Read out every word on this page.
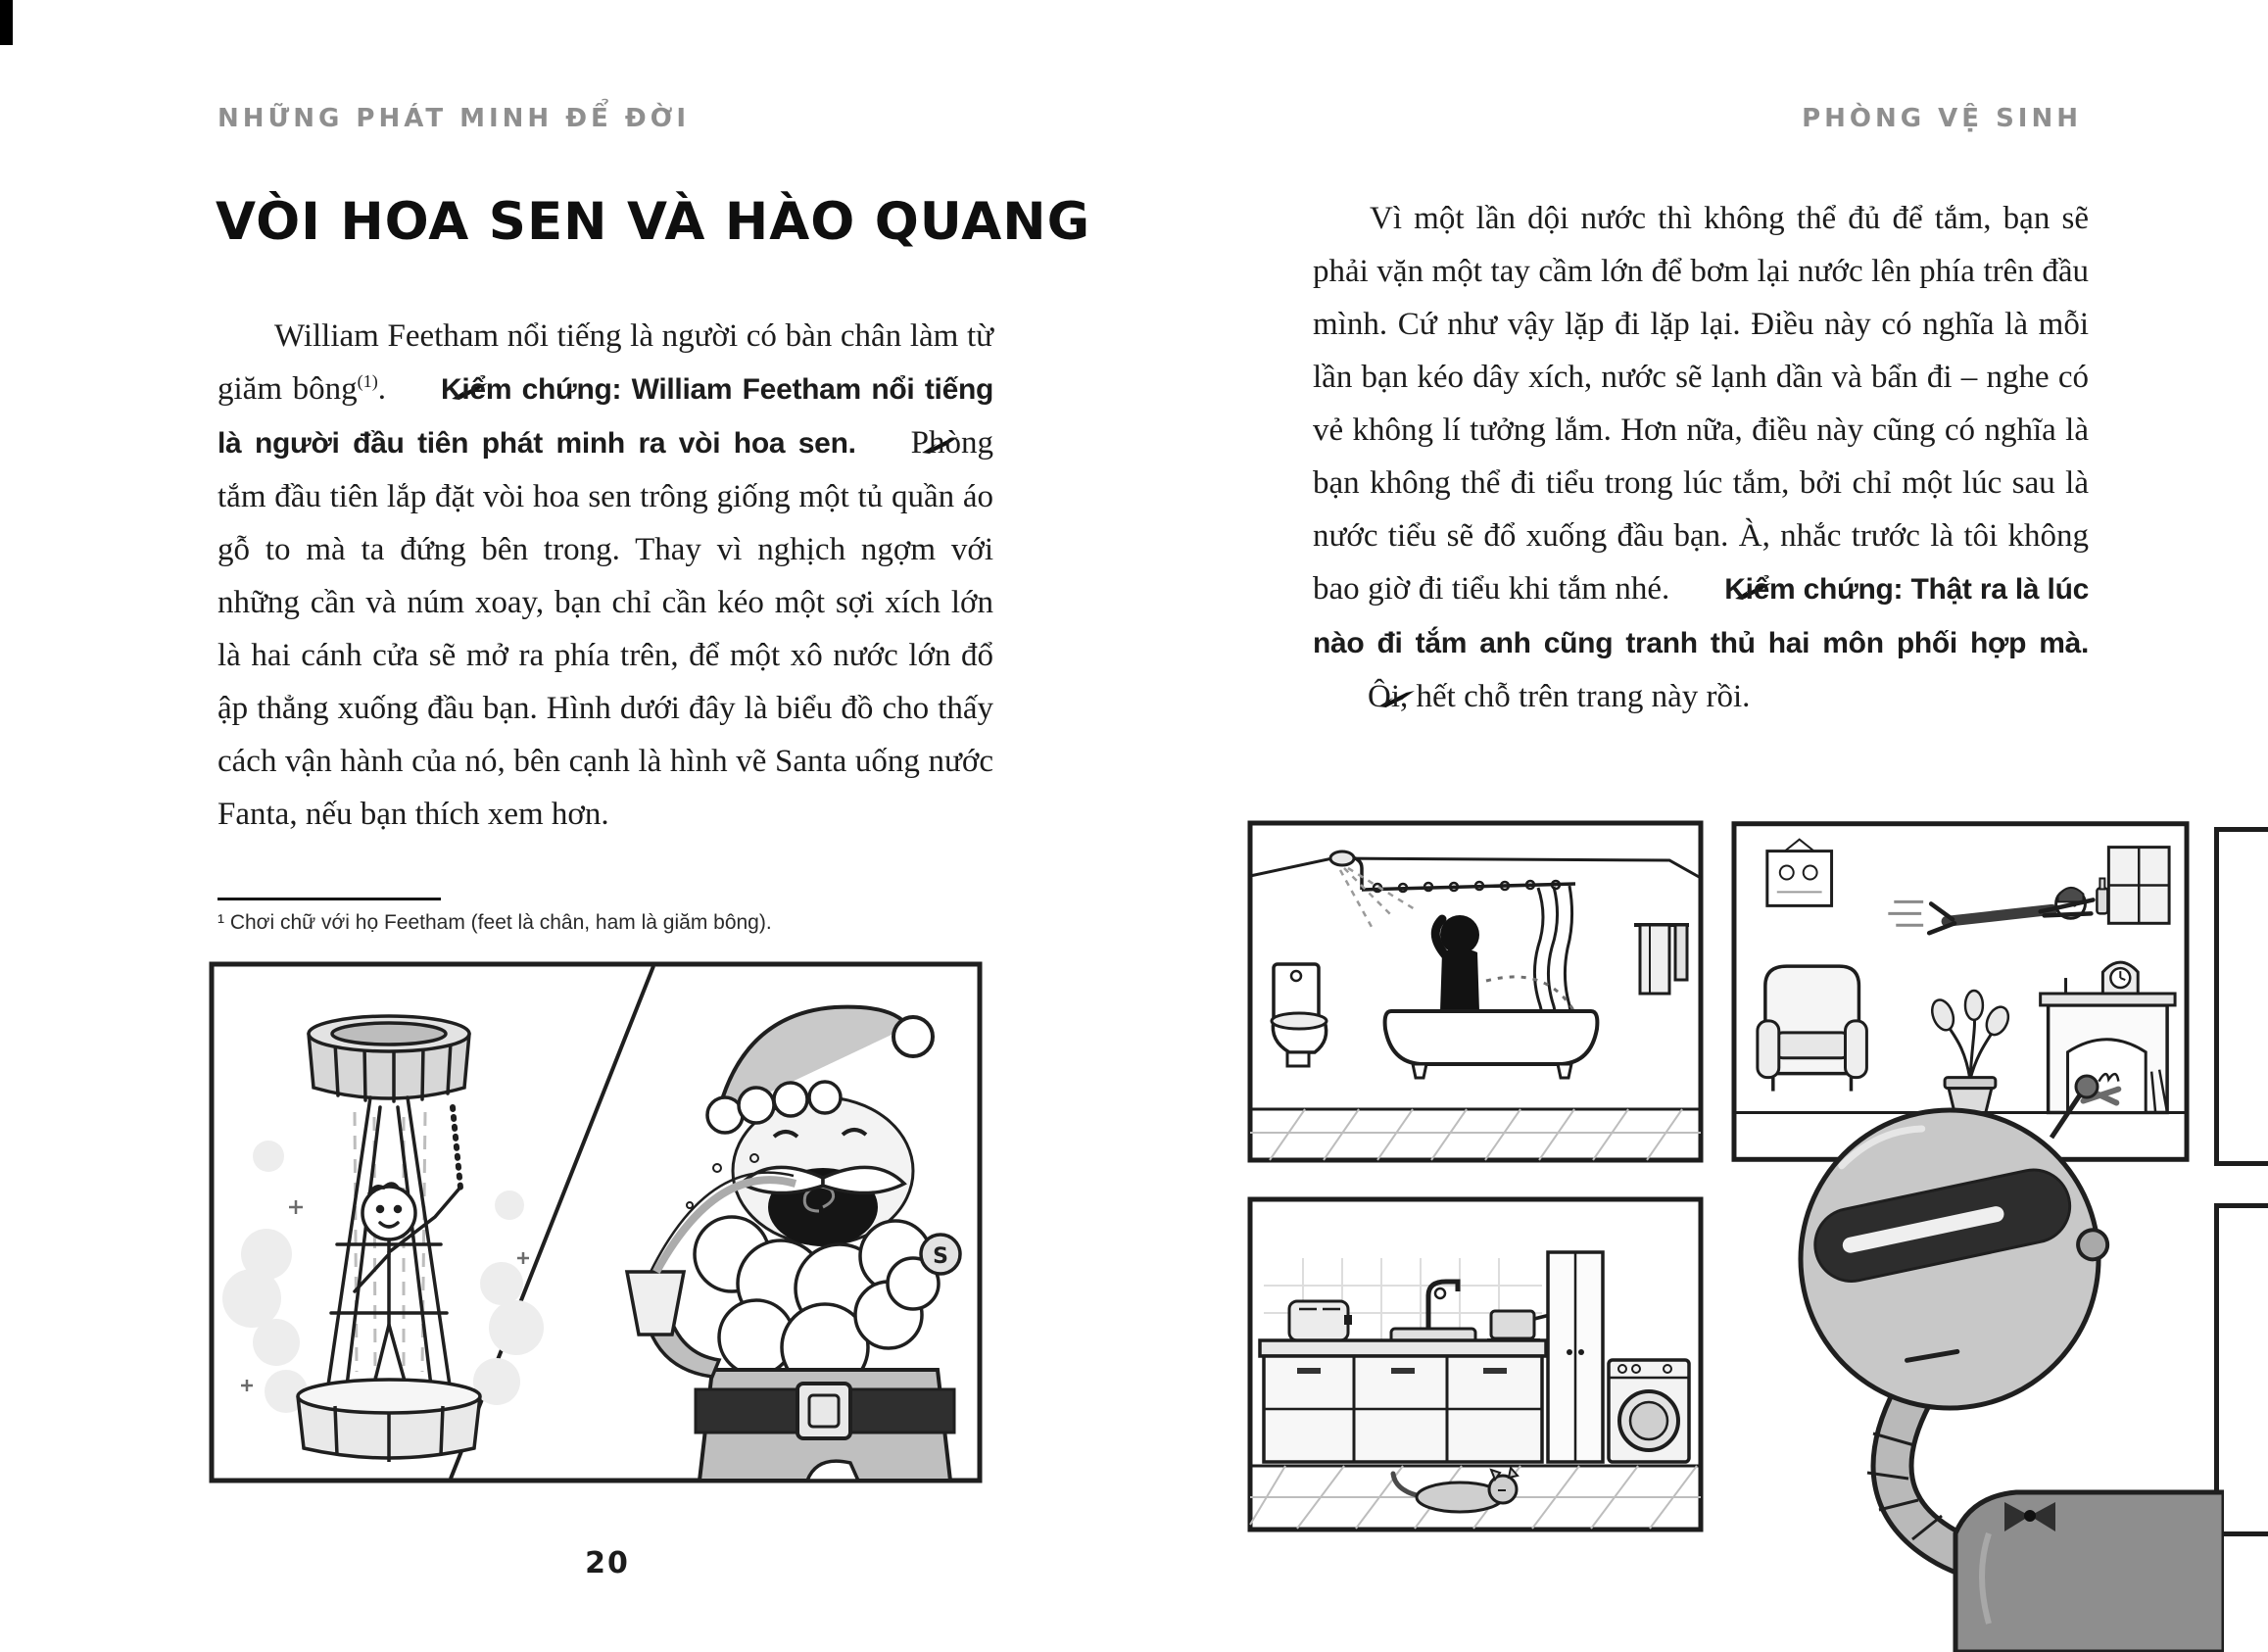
NHỮNG PHÁT MINH ĐỂ ĐỜI	PHÒNG VỆ SINH
VÒI HOA SEN VÀ HÀO QUANG

William Feetham nổi tiếng là người có bàn chân làm từ giăm bông$^{(1)}$. Kiểm chứng: William Feetham nổi tiếng là người đầu tiên phát minh ra vòi hoa sen. Phòng tắm đầu tiên lắp đặt vòi hoa sen trông giống một tủ quần áo gỗ to mà ta đứng bên trong. Thay vì nghịch ngợm với những cần và núm xoay, bạn chỉ cần kéo một sợi xích lớn là hai cánh cửa sẽ mở ra phía trên, để một xô nước lớn đổ ập thẳng xuống đầu bạn. Hình dưới đây là biểu đồ cho thấy cách vận hành của nó, bên cạnh là hình vẽ Santa uống nước Fanta, nếu bạn thích xem hơn.

¹ Chơi chữ với họ Feetham (feet là chân, ham là giăm bông).
S
20

Vì một lần dội nước thì không thể đủ để tắm, bạn sẽ phải vặn một tay cầm lớn để bơm lại nước lên phía trên đầu mình. Cứ như vậy lặp đi lặp lại. Điều này có nghĩa là mỗi lần bạn kéo dây xích, nước sẽ lạnh dần và bẩn đi – nghe có vẻ không lí tưởng lắm. Hơn nữa, điều này cũng có nghĩa là bạn không thể đi tiểu trong lúc tắm, bởi chỉ một lúc sau là nước tiểu sẽ đổ xuống đầu bạn. À, nhắc trước là tôi không bao giờ đi tiểu khi tắm nhé. Kiểm chứng: Thật ra là lúc nào đi tắm anh cũng tranh thủ hai môn phối hợp mà.Ôi, hết chỗ trên trang này rồi.
